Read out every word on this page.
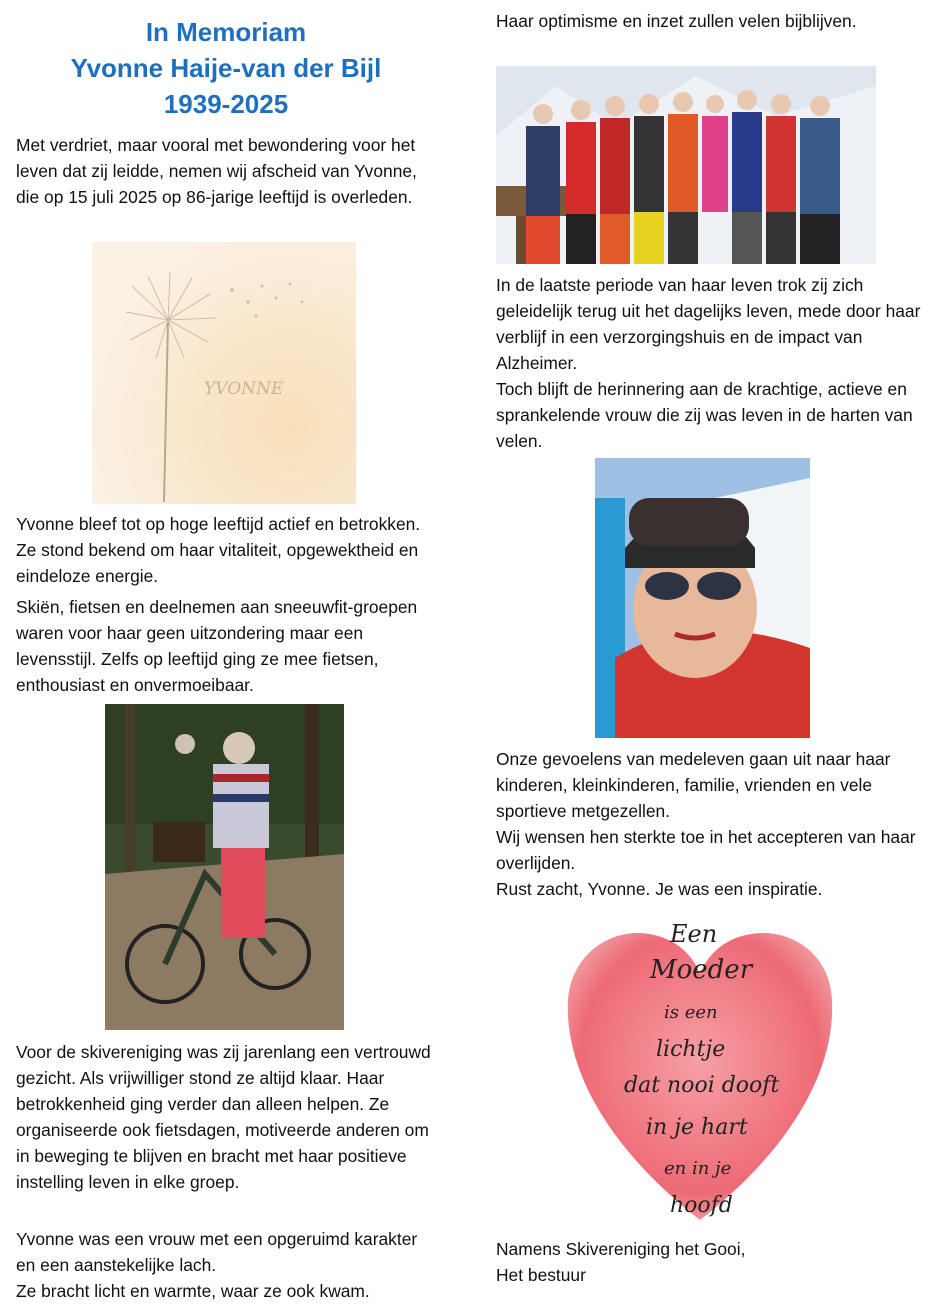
In Memoriam
Yvonne Haije-van der Bijl
1939-2025

Met verdriet, maar vooral met bewondering voor het leven dat zij leidde, nemen wij afscheid van Yvonne, die op 15 juli 2025 op 86-jarige leeftijd is overleden.

YVONNE

Yvonne bleef tot op hoge leeftijd actief en betrokken. Ze stond bekend om haar vitaliteit, opgewektheid en eindeloze energie.

Skiën, fietsen en deelnemen aan sneeuwfit-groepen waren voor haar geen uitzondering maar een levensstijl. Zelfs op leeftijd ging ze mee fietsen, enthousiast en onvermoeibaar.

Voor de skivereniging was zij jarenlang een vertrouwd gezicht. Als vrijwilliger stond ze altijd klaar. Haar betrokkenheid ging verder dan alleen helpen. Ze organiseerde ook fietsdagen, motiveerde anderen om in beweging te blijven en bracht met haar positieve instelling leven in elke groep.

Yvonne was een vrouw met een opgeruimd karakter en een aanstekelijke lach.

Ze bracht licht en warmte, waar ze ook kwam.

Haar optimisme en inzet zullen velen bijblijven.

In de laatste periode van haar leven trok zij zich geleidelijk terug uit het dagelijks leven, mede door haar verblijf in een verzorgingshuis en de impact van Alzheimer.

Toch blijft de herinnering aan de krachtige, actieve en sprankelende vrouw die zij was leven in de harten van velen.

Onze gevoelens van medeleven gaan uit naar haar kinderen, kleinkinderen, familie, vrienden en vele sportieve metgezellen.

Wij wensen hen sterkte toe in het accepteren van haar overlijden.

Rust zacht, Yvonne. Je was een inspiratie.

Een
Moeder
is een
lichtje
dat nooi dooft
in je hart
en in je
hoofd

Namens Skivereniging het Gooi,

Het bestuur
